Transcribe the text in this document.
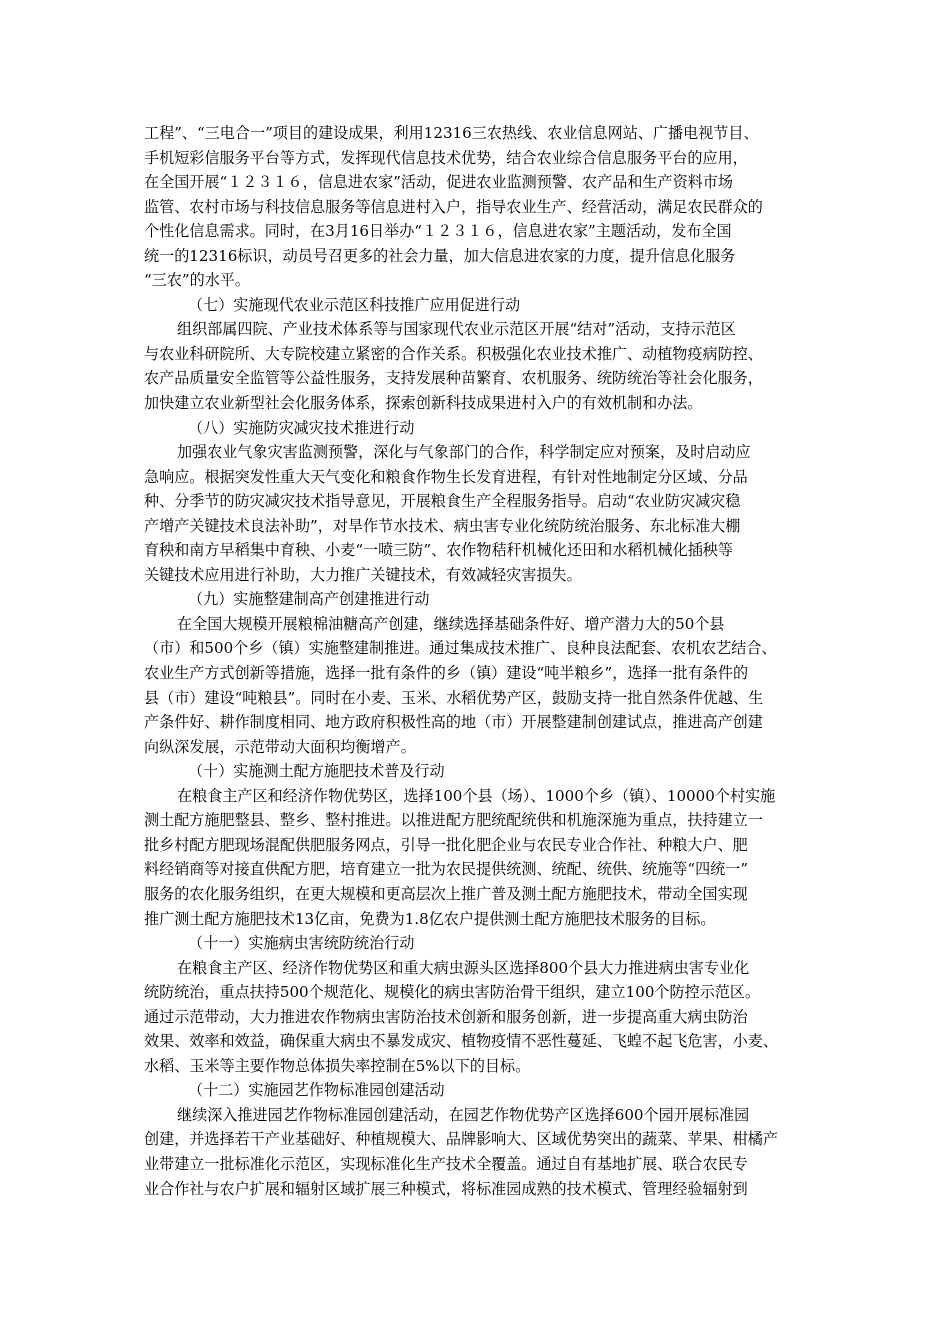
工程”、“三电合一”项目的建设成果，利用12316三农热线、农业信息网站、广播电视节目、
手机短彩信服务平台等方式，发挥现代信息技术优势，结合农业综合信息服务平台的应用，
在全国开展“１２３１６，信息进农家”活动，促进农业监测预警、农产品和生产资料市场
监管、农村市场与科技信息服务等信息进村入户，指导农业生产、经营活动，满足农民群众的
个性化信息需求。同时，在3月16日举办“１２３１６，信息进农家”主题活动，发布全国
统一的12316标识，动员号召更多的社会力量，加大信息进农家的力度，提升信息化服务
“三农”的水平。
（七）实施现代农业示范区科技推广应用促进行动
组织部属四院、产业技术体系等与国家现代农业示范区开展“结对”活动，支持示范区
与农业科研院所、大专院校建立紧密的合作关系。积极强化农业技术推广、动植物疫病防控、
农产品质量安全监管等公益性服务，支持发展种苗繁育、农机服务、统防统治等社会化服务，
加快建立农业新型社会化服务体系，探索创新科技成果进村入户的有效机制和办法。
（八）实施防灾减灾技术推进行动
加强农业气象灾害监测预警，深化与气象部门的合作，科学制定应对预案，及时启动应
急响应。根据突发性重大天气变化和粮食作物生长发育进程，有针对性地制定分区域、分品
种、分季节的防灾减灾技术指导意见，开展粮食生产全程服务指导。启动“农业防灾减灾稳
产增产关键技术良法补助”，对旱作节水技术、病虫害专业化统防统治服务、东北标准大棚
育秧和南方早稻集中育秧、小麦“一喷三防”、农作物秸秆机械化还田和水稻机械化插秧等
关键技术应用进行补助，大力推广关键技术，有效减轻灾害损失。
（九）实施整建制高产创建推进行动
在全国大规模开展粮棉油糖高产创建，继续选择基础条件好、增产潜力大的50个县
（市）和500个乡（镇）实施整建制推进。通过集成技术推广、良种良法配套、农机农艺结合、
农业生产方式创新等措施，选择一批有条件的乡（镇）建设“吨半粮乡”，选择一批有条件的
县（市）建设“吨粮县”。同时在小麦、玉米、水稻优势产区，鼓励支持一批自然条件优越、生
产条件好、耕作制度相同、地方政府积极性高的地（市）开展整建制创建试点，推进高产创建
向纵深发展，示范带动大面积均衡增产。
（十）实施测土配方施肥技术普及行动
在粮食主产区和经济作物优势区，选择100个县（场）、1000个乡（镇）、10000个村实施
测土配方施肥整县、整乡、整村推进。以推进配方肥统配统供和机施深施为重点，扶持建立一
批乡村配方肥现场混配供肥服务网点，引导一批化肥企业与农民专业合作社、种粮大户、肥
料经销商等对接直供配方肥，培育建立一批为农民提供统测、统配、统供、统施等“四统一”
服务的农化服务组织，在更大规模和更高层次上推广普及测土配方施肥技术，带动全国实现
推广测土配方施肥技术13亿亩，免费为1.8亿农户提供测土配方施肥技术服务的目标。
（十一）实施病虫害统防统治行动
在粮食主产区、经济作物优势区和重大病虫源头区选择800个县大力推进病虫害专业化
统防统治，重点扶持500个规范化、规模化的病虫害防治骨干组织，建立100个防控示范区。
通过示范带动，大力推进农作物病虫害防治技术创新和服务创新，进一步提高重大病虫防治
效果、效率和效益，确保重大病虫不暴发成灾、植物疫情不恶性蔓延、飞蝗不起飞危害，小麦、
水稻、玉米等主要作物总体损失率控制在5%以下的目标。
（十二）实施园艺作物标准园创建活动
继续深入推进园艺作物标准园创建活动，在园艺作物优势产区选择600个园开展标准园
创建，并选择若干产业基础好、种植规模大、品牌影响大、区域优势突出的蔬菜、苹果、柑橘产
业带建立一批标准化示范区，实现标准化生产技术全覆盖。通过自有基地扩展、联合农民专
业合作社与农户扩展和辐射区域扩展三种模式，将标准园成熟的技术模式、管理经验辐射到
